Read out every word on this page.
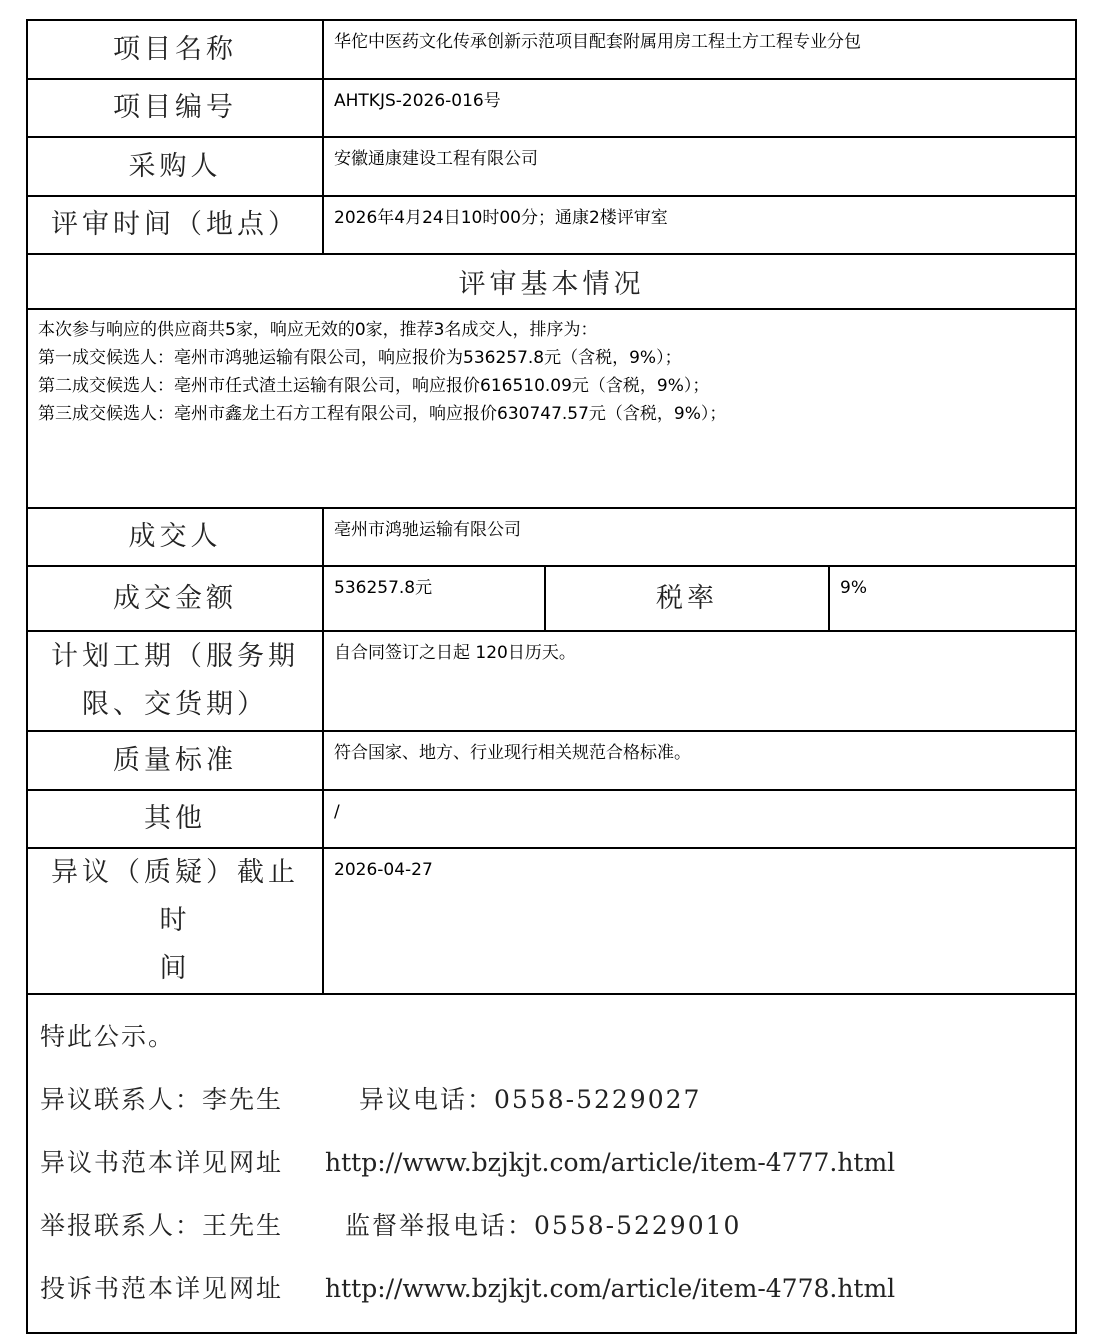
项目名称	华佗中医药文化传承创新示范项目配套附属用房工程土方工程专业分包		
项目编号	AHTKJS-2026-016号		
采购人	安徽通康建设工程有限公司		
评审时间（地点）	2026年4月24日10时00分；通康2楼评审室		
评审基本情况			

本次参与响应的供应商共5家，响应无效的0家，推荐3名成交人，排序为：
第一成交候选人：亳州市鸿驰运输有限公司，响应报价为536257.8元（含税，9%）；
第二成交候选人：亳州市任式渣土运输有限公司，响应报价616510.09元（含税，9%）；
第三成交候选人：亳州市鑫龙土石方工程有限公司，响应报价630747.57元（含税，9%）；			

成交人	亳州市鸿驰运输有限公司		
成交金额	536257.8元	税率	9%

计划工期（服务期
限、交货期）	自合同签订之日起 120日历天。		
质量标准	符合国家、地方、行业现行相关规范合格标准。		
其他	/		

异议（质疑）截止时
间	2026-04-27		

特此公示。
异议联系人：李先生 异议电话：0558-5229027
异议书范本详见网址 http://www.bzjkjt.com/article/item-4777.html
举报联系人：王先生 监督举报电话：0558-5229010
投诉书范本详见网址 http://www.bzjkjt.com/article/item-4778.html			
